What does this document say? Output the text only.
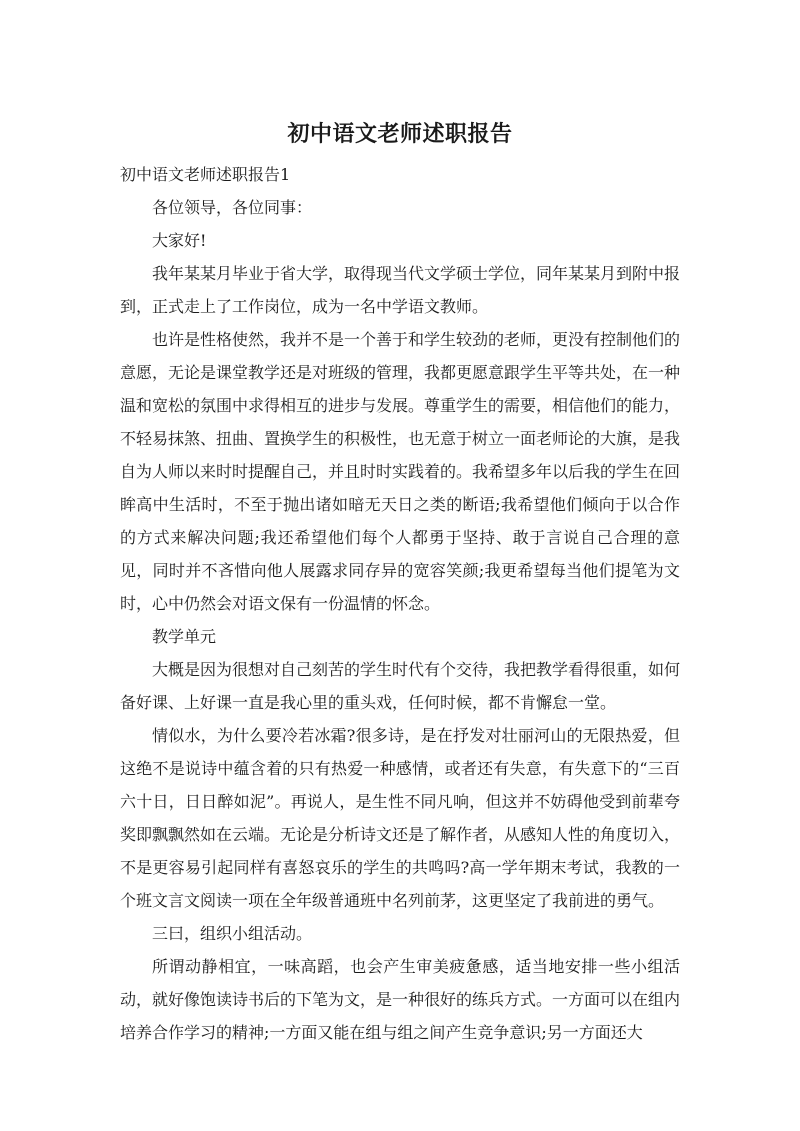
初中语文老师述职报告

初中语文老师述职报告1

各位领导，各位同事：

大家好!

我年某某月毕业于省大学，取得现当代文学硕士学位，同年某某月到附中报到，正式走上了工作岗位，成为一名中学语文教师。

也许是性格使然，我并不是一个善于和学生较劲的老师，更没有控制他们的意愿，无论是课堂教学还是对班级的管理，我都更愿意跟学生平等共处，在一种温和宽松的氛围中求得相互的进步与发展。尊重学生的需要，相信他们的能力，不轻易抹煞、扭曲、置换学生的积极性，也无意于树立一面老师论的大旗，是我自为人师以来时时提醒自己，并且时时实践着的。我希望多年以后我的学生在回眸高中生活时，不至于抛出诸如暗无天日之类的断语;我希望他们倾向于以合作的方式来解决问题;我还希望他们每个人都勇于坚持、敢于言说自己合理的意见，同时并不吝惜向他人展露求同存异的宽容笑颜;我更希望每当他们提笔为文时，心中仍然会对语文保有一份温情的怀念。

教学单元

大概是因为很想对自己刻苦的学生时代有个交待，我把教学看得很重，如何备好课、上好课一直是我心里的重头戏，任何时候，都不肯懈怠一堂。

情似水，为什么要冷若冰霜?很多诗，是在抒发对壮丽河山的无限热爱，但这绝不是说诗中蕴含着的只有热爱一种感情，或者还有失意，有失意下的“三百六十日，日日醉如泥”。再说人，是生性不同凡响，但这并不妨碍他受到前辈夸奖即飘飘然如在云端。无论是分析诗文还是了解作者，从感知人性的角度切入，不是更容易引起同样有喜怒哀乐的学生的共鸣吗?高一学年期末考试，我教的一个班文言文阅读一项在全年级普通班中名列前茅，这更坚定了我前进的勇气。

三曰，组织小组活动。

所谓动静相宜，一味高蹈，也会产生审美疲惫感，适当地安排一些小组活动，就好像饱读诗书后的下笔为文，是一种很好的练兵方式。一方面可以在组内培养合作学习的精神;一方面又能在组与组之间产生竞争意识;另一方面还大
